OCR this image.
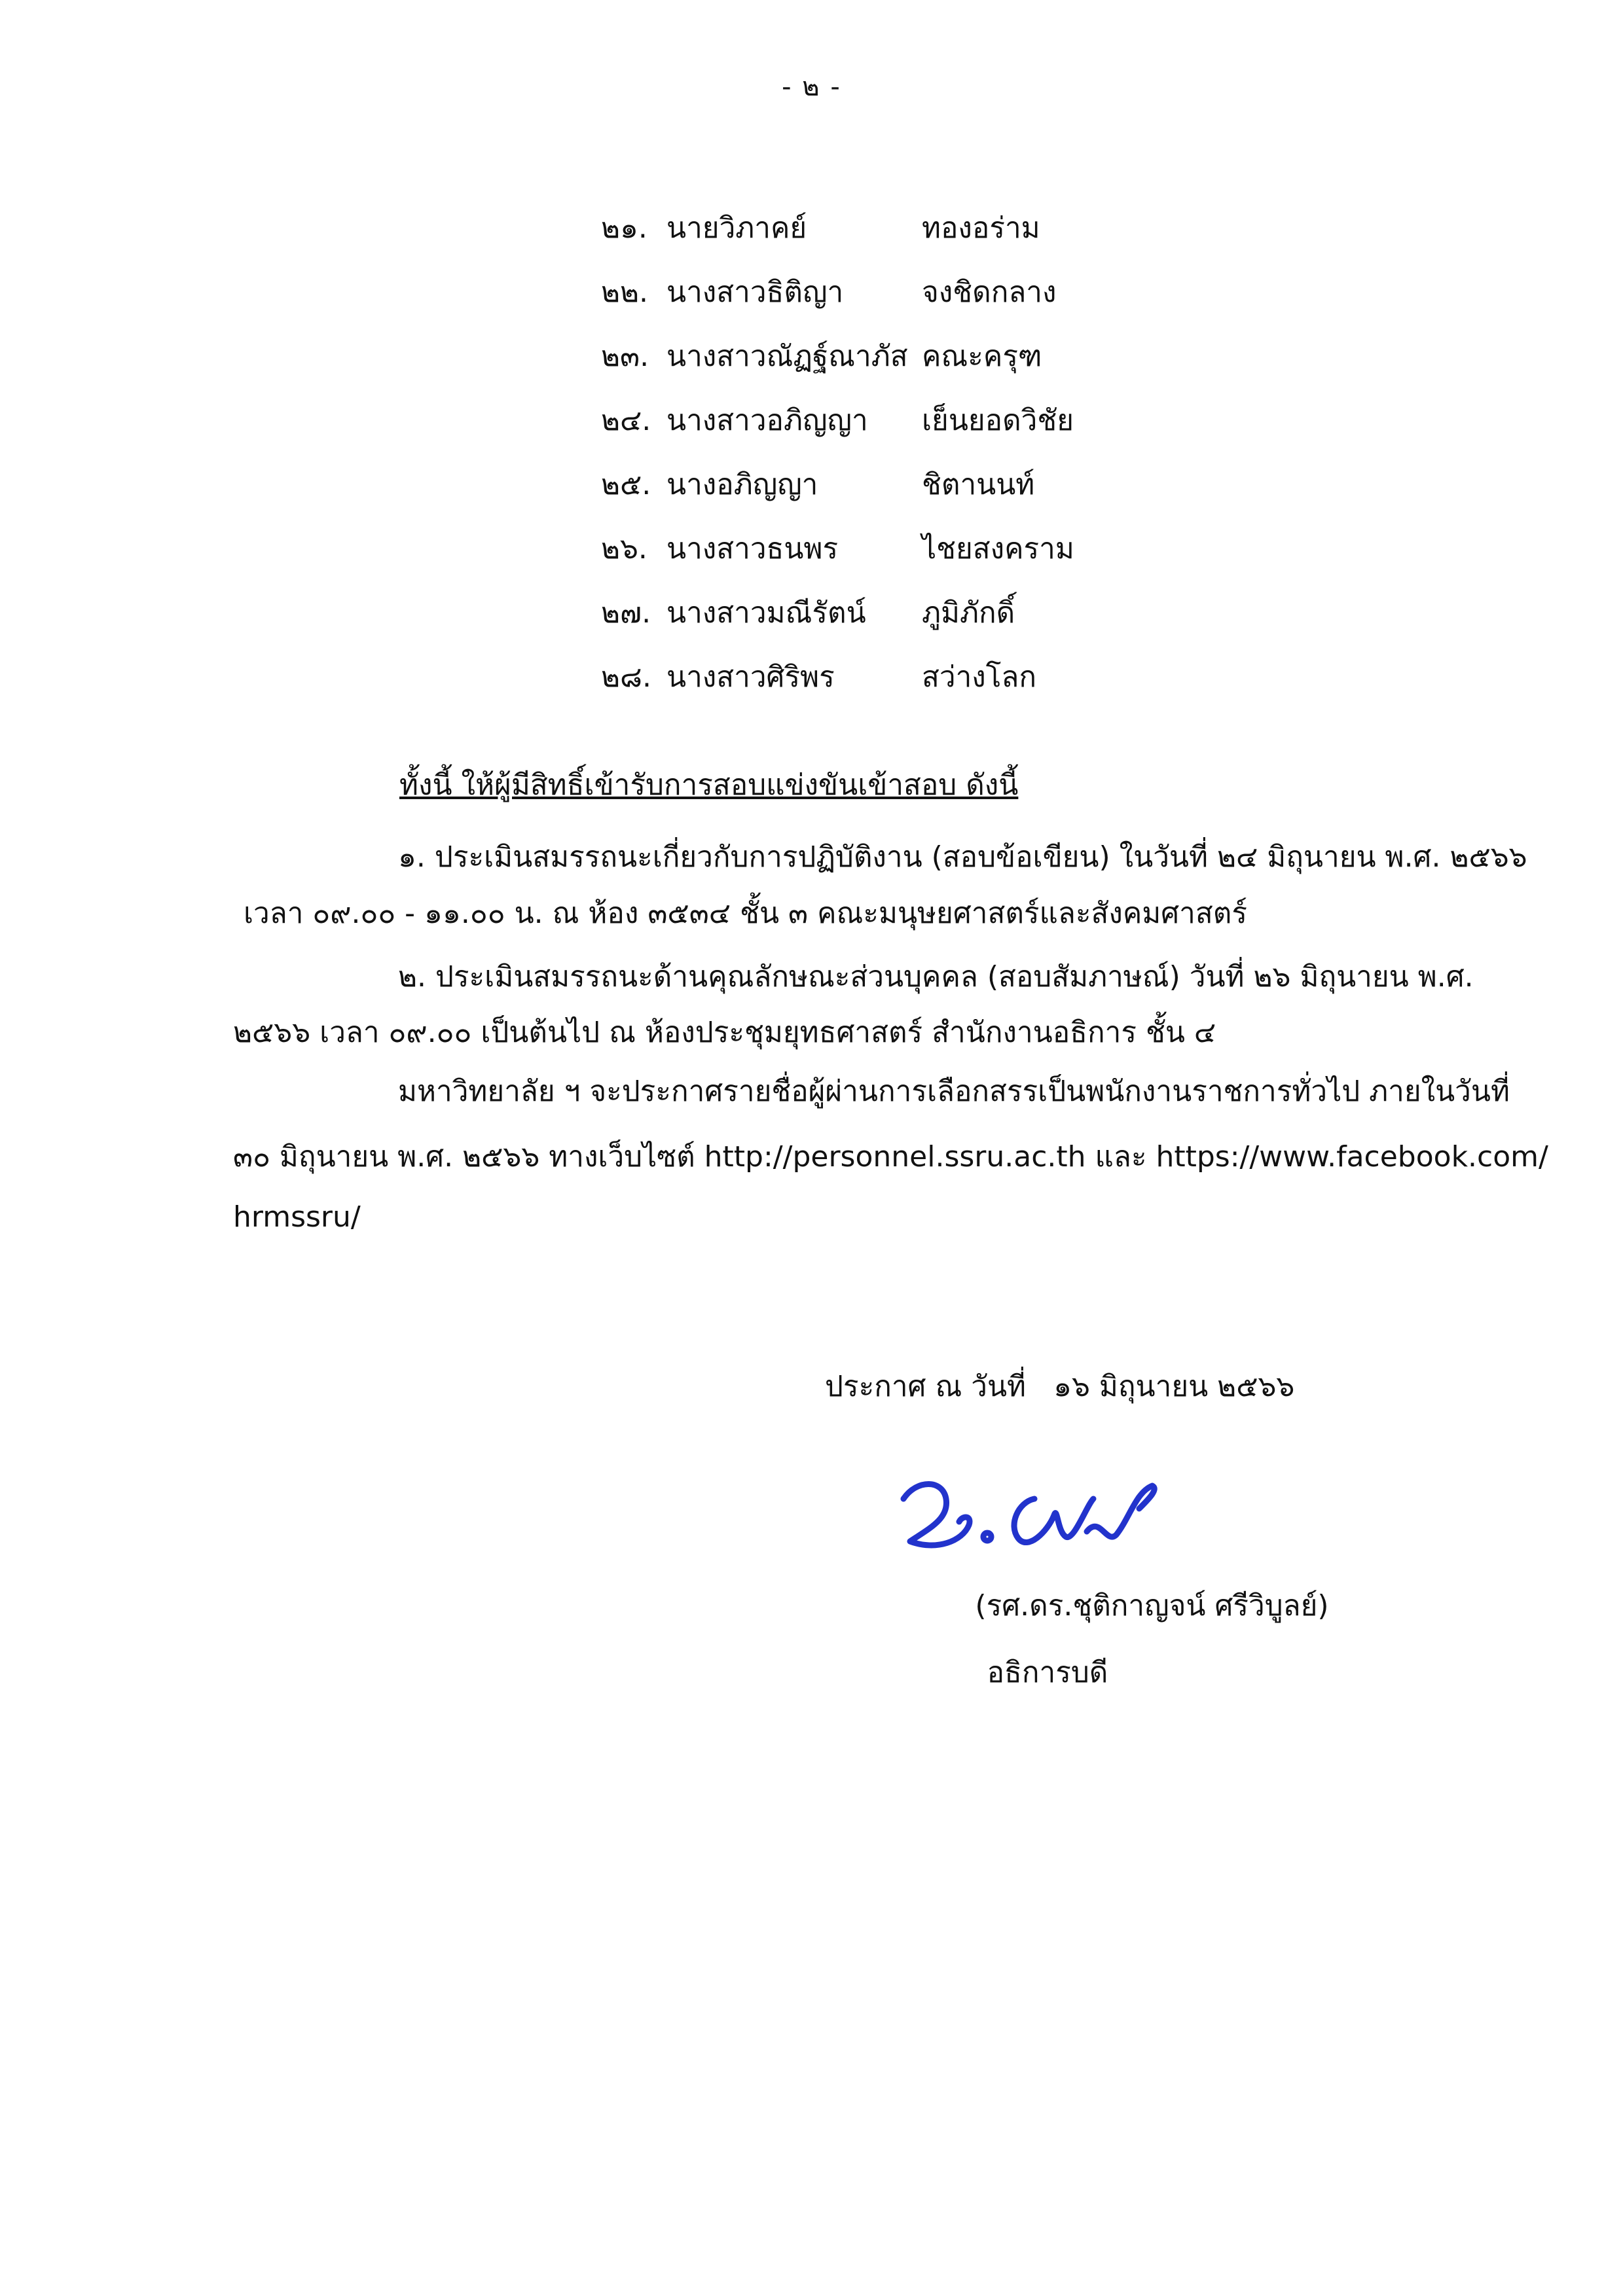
- ๒ -
๒๑. นายวิภาคย์	ทองอร่าม
๒๒. นางสาวธิติญา	จงชิดกลาง
๒๓. นางสาวณัฏฐ์ณาภัส คณะครุฑ
๒๔. นางสาวอภิญญา เย็นยอดวิชัย
๒๕. นางอภิญญา	ชิตานนท์
๒๖. นางสาวธนพร	ไชยสงคราม
๒๗. นางสาวมณีรัตน์ ภูมิภักดิ์
๒๘. นางสาวศิริพร	สว่างโลก
ทั้งนี้ ให้ผู้มีสิทธิ์เข้ารับการสอบแข่งขันเข้าสอบ ดังนี้
๑. ประเมินสมรรถนะเกี่ยวกับการปฏิบัติงาน (สอบข้อเขียน) ในวันที่ ๒๔ มิถุนายน พ.ศ. ๒๕๖๖
เวลา ๐๙.๐๐ - ๑๑.๐๐ น. ณ ห้อง ๓๕๓๔ ชั้น ๓ คณะมนุษยศาสตร์และสังคมศาสตร์
๒. ประเมินสมรรถนะด้านคุณลักษณะส่วนบุคคล (สอบสัมภาษณ์) วันที่ ๒๖ มิถุนายน พ.ศ.
๒๕๖๖ เวลา ๐๙.๐๐ เป็นต้นไป ณ ห้องประชุมยุทธศาสตร์ สำนักงานอธิการ ชั้น ๔
มหาวิทยาลัย ฯ จะประกาศรายชื่อผู้ผ่านการเลือกสรรเป็นพนักงานราชการทั่วไป ภายในวันที่
๓๐ มิถุนายน พ.ศ. ๒๕๖๖ ทางเว็บไซต์ http://personnel.ssru.ac.th และ https://www.facebook.com/
hrmssru/
ประกาศ ณ วันที่ ๑๖ มิถุนายน ๒๕๖๖
(รศ.ดร.ชุติกาญจน์ ศรีวิบูลย์)
อธิการบดี
